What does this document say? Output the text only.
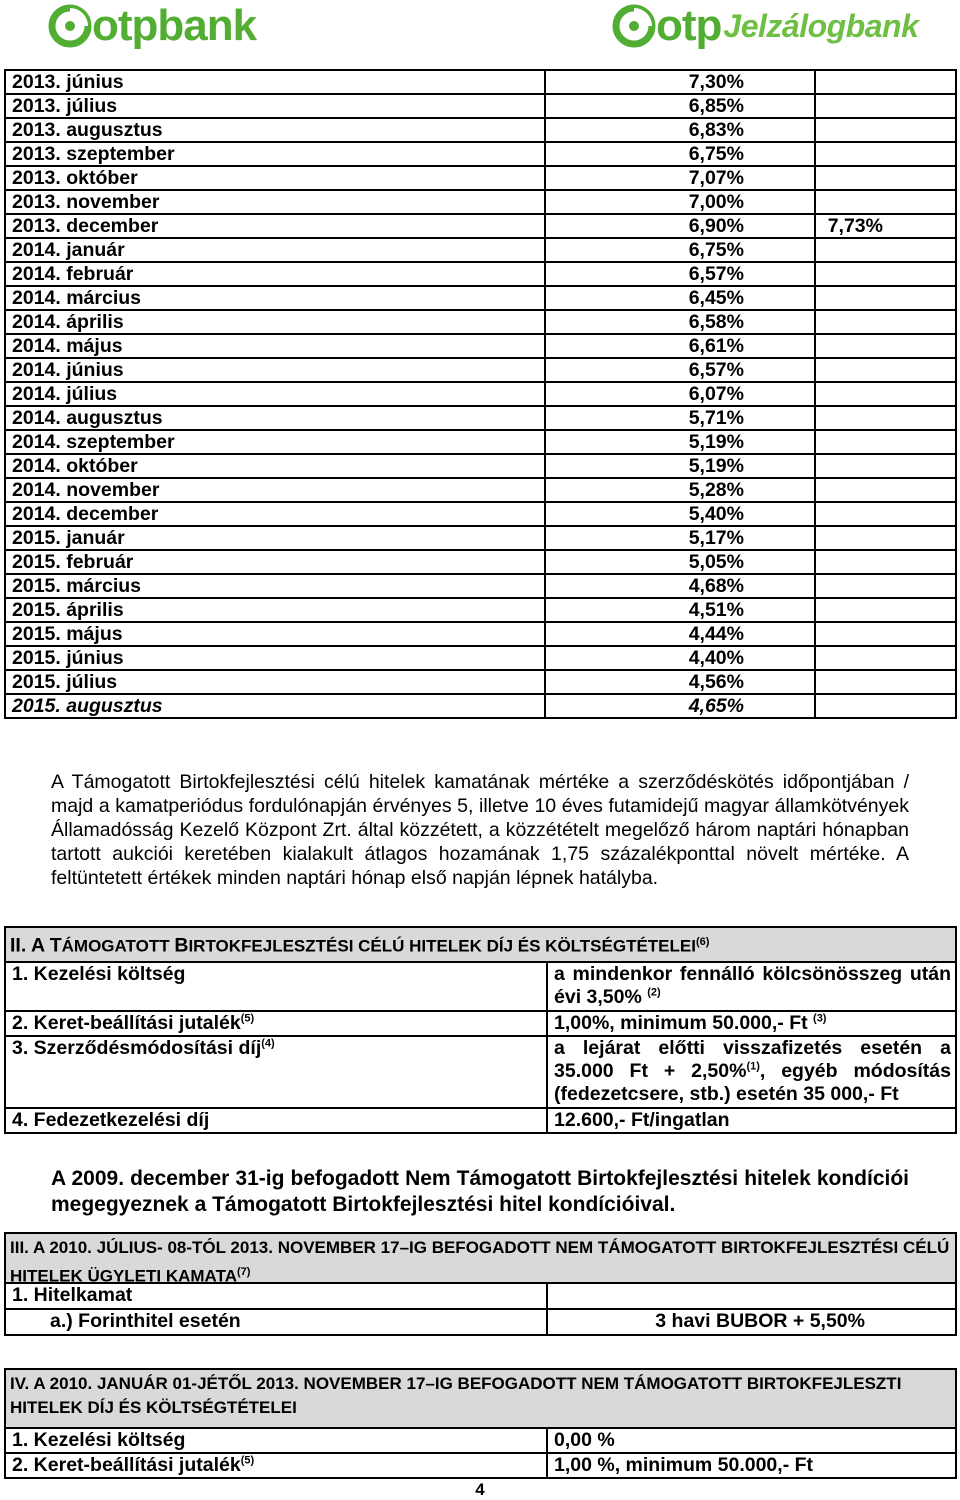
otp bank	otp Jelzálogbank
2013. június	7,30%	
2013. július	6,85%	
2013. augusztus	6,83%	
2013. szeptember	6,75%	
2013. október	7,07%	
2013. november	7,00%	
2013. december	6,90%	7,73%
2014. január	6,75%	
2014. február	6,57%	
2014. március	6,45%	
2014. április	6,58%	
2014. május	6,61%	
2014. június	6,57%	
2014. július	6,07%	
2014. augusztus	5,71%	
2014. szeptember	5,19%	
2014. október	5,19%	
2014. november	5,28%	
2014. december	5,40%	
2015. január	5,17%	
2015. február	5,05%	
2015. március	4,68%	
2015. április	4,51%	
2015. május	4,44%	
2015. június	4,40%	
2015. július	4,56%	
2015. augusztus	4,65%	
A Támogatott Birtokfejlesztési célú hitelek kamatának mértéke a szerződéskötés időpontjában / majd a kamatperiódus fordulónapján érvényes 5, illetve 10 éves futamidejű magyar államkötvények Államadósság Kezelő Központ Zrt. által közzétett, a közzétételt megelőző három naptári hónapban tartott aukciói keretében kialakult átlagos hozamának 1,75 százalékponttal növelt mértéke. A feltüntetett értékek minden naptári hónap első napján lépnek hatályba.
II. A TÁMOGATOTT BIRTOKFEJLESZTÉSI CÉLÚ HITELEK DÍJ ÉS KÖLTSÉGTÉTELEI$^{(6)}$
1. Kezelési költség	a mindenkor fennálló kölcsönösszeg után évi 3,50% $^{(2)}$
2. Keret-beállítási jutalék$^{(5)}$	1,00%, minimum 50.000,- Ft $^{(3)}$
3. Szerződésmódosítási díj$^{(4)}$	a lejárat előtti visszafizetés esetén a 35.000 Ft + 2,50%$^{(1)}$, egyéb módosítás (fedezetcsere, stb.) esetén 35 000,- Ft
4. Fedezetkezelési díj	12.600,- Ft/ingatlan
A 2009. december 31-ig befogadott Nem Támogatott Birtokfejlesztési hitelek kondíciói megegyeznek a Támogatott Birtokfejlesztési hitel kondícióival.
III. A 2010. JÚLIUS- 08-TÓL 2013. NOVEMBER 17–IG BEFOGADOTT NEM TÁMOGATOTT BIRTOKFEJLESZTÉSI CÉLÚ HITELEK ÜGYLETI KAMATA$^{(7)}$
1. Hitelkamat	
a.) Forinthitel esetén	3 havi BUBOR + 5,50%
IV. A 2010. JANUÁR 01-JÉTŐL 2013. NOVEMBER 17–IG BEFOGADOTT NEM TÁMOGATOTT BIRTOKFEJLESZTI HITELEK DÍJ ÉS KÖLTSÉGTÉTELEI
1. Kezelési költség	0,00 %
2. Keret-beállítási jutalék$^{(5)}$	1,00 %, minimum 50.000,- Ft
4
